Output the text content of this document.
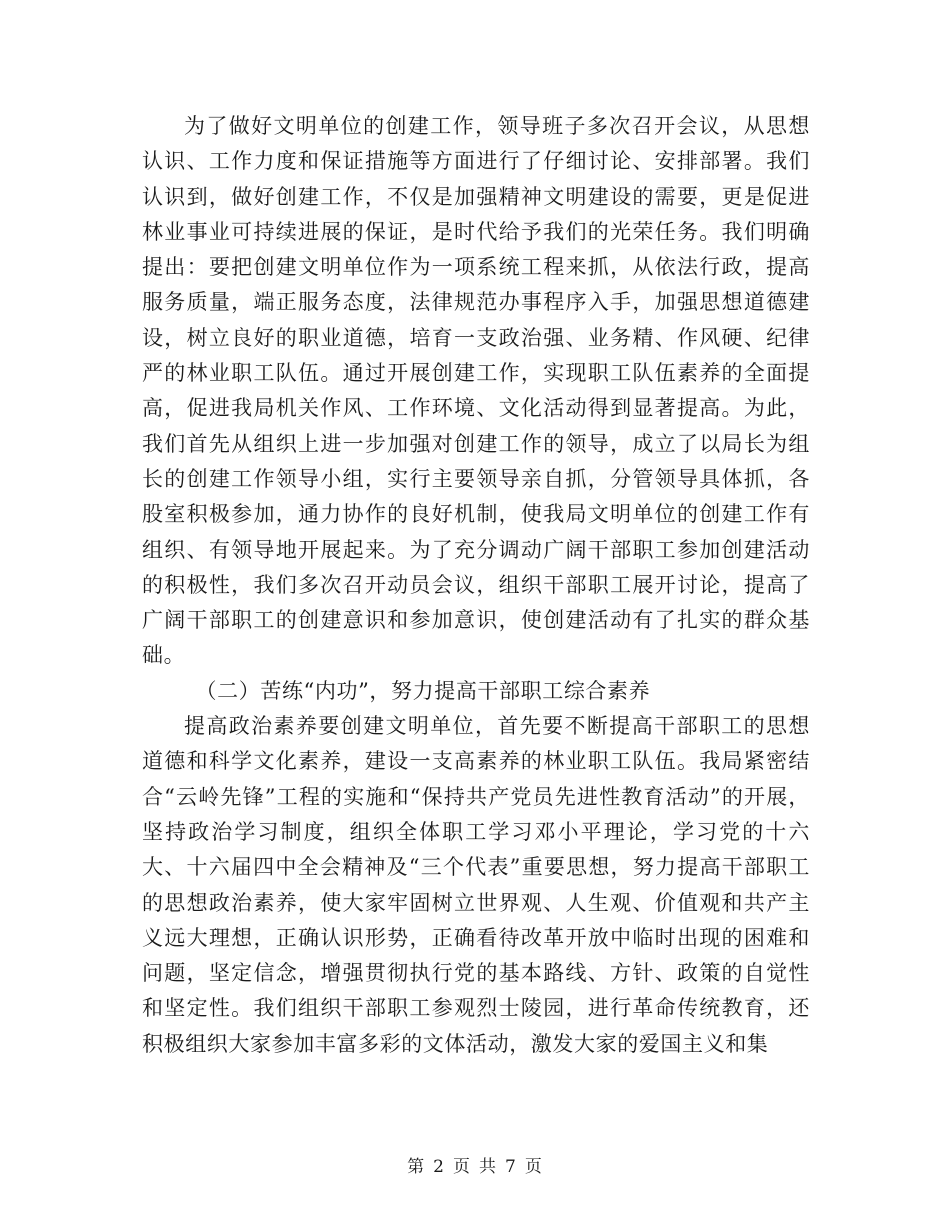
为了做好文明单位的创建工作，领导班子多次召开会议，从思想认识、工作力度和保证措施等方面进行了仔细讨论、安排部署。我们认识到，做好创建工作，不仅是加强精神文明建设的需要，更是促进林业事业可持续进展的保证，是时代给予我们的光荣任务。我们明确提出：要把创建文明单位作为一项系统工程来抓，从依法行政，提高服务质量，端正服务态度，法律规范办事程序入手，加强思想道德建设，树立良好的职业道德，培育一支政治强、业务精、作风硬、纪律严的林业职工队伍。通过开展创建工作，实现职工队伍素养的全面提高，促进我局机关作风、工作环境、文化活动得到显著提高。为此，我们首先从组织上进一步加强对创建工作的领导，成立了以局长为组长的创建工作领导小组，实行主要领导亲自抓，分管领导具体抓，各股室积极参加，通力协作的良好机制，使我局文明单位的创建工作有组织、有领导地开展起来。为了充分调动广阔干部职工参加创建活动的积极性，我们多次召开动员会议，组织干部职工展开讨论，提高了广阔干部职工的创建意识和参加意识，使创建活动有了扎实的群众基础。

（二）苦练“内功”，努力提高干部职工综合素养

提高政治素养要创建文明单位，首先要不断提高干部职工的思想道德和科学文化素养，建设一支高素养的林业职工队伍。我局紧密结合“云岭先锋”工程的实施和“保持共产党员先进性教育活动”的开展，坚持政治学习制度，组织全体职工学习邓小平理论，学习党的十六大、十六届四中全会精神及“三个代表”重要思想，努力提高干部职工的思想政治素养，使大家牢固树立世界观、人生观、价值观和共产主义远大理想，正确认识形势，正确看待改革开放中临时出现的困难和问题，坚定信念，增强贯彻执行党的基本路线、方针、政策的自觉性和坚定性。我们组织干部职工参观烈士陵园，进行革命传统教育，还积极组织大家参加丰富多彩的文体活动，激发大家的爱国主义和集

第 2 页 共 7 页
